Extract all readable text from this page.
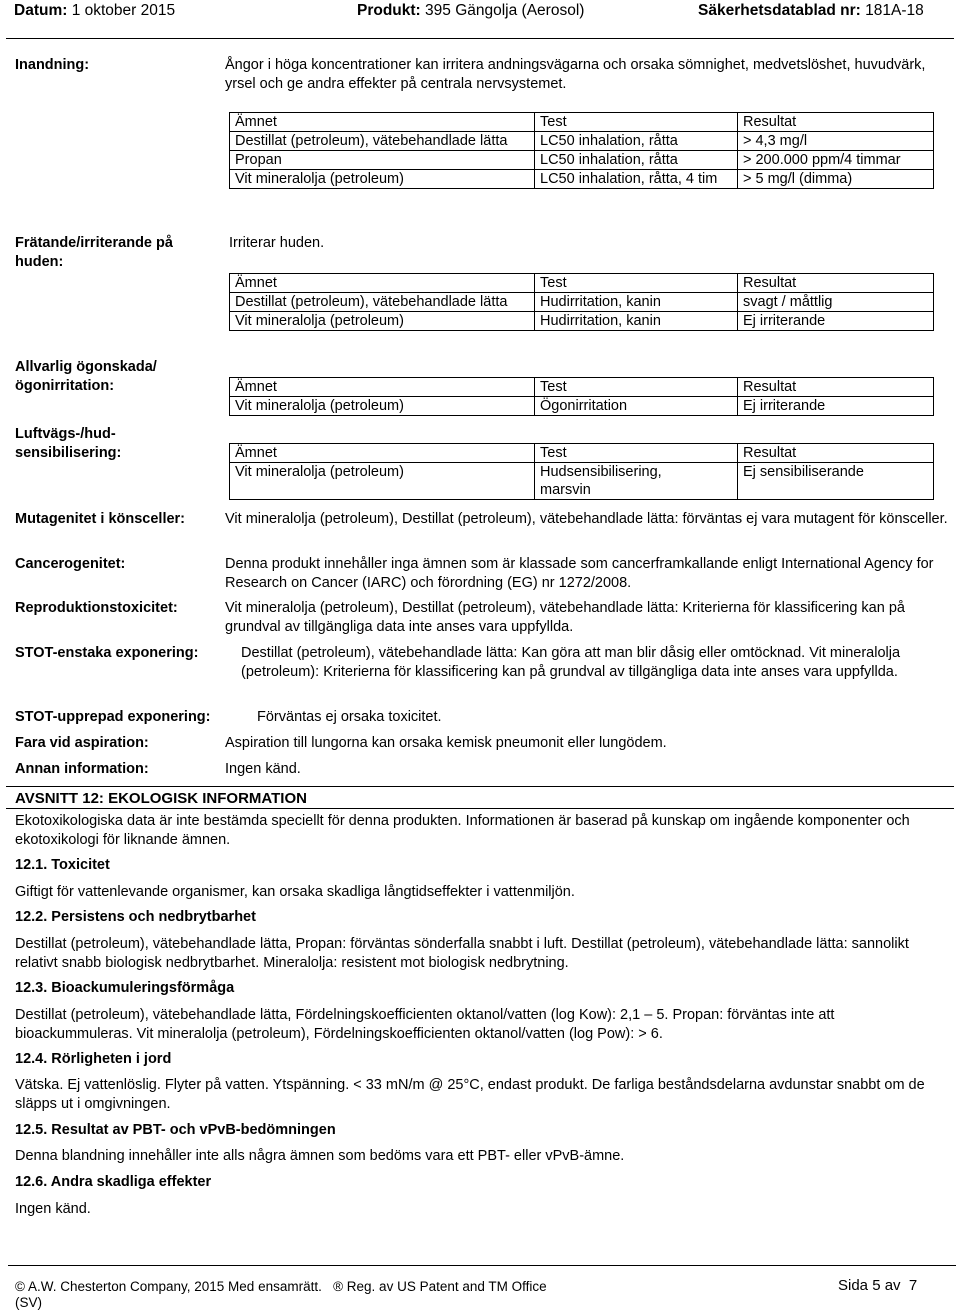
Datum: 1 oktober 2015	Produkt: 395 Gängolja (Aerosol)	Säkerhetsdatablad nr: 181A-18
Inandning:	Ångor i höga koncentrationer kan irritera andningsvägarna och orsaka sömnighet, medvetslöshet, huvudvärk, yrsel och ge andra effekter på centrala nervsystemet.
Ämnet	Test	Resultat
Destillat (petroleum), vätebehandlade lätta	LC50 inhalation, råtta	> 4,3 mg/l
Propan	LC50 inhalation, råtta	> 200.000 ppm/4 timmar
Vit mineralolja (petroleum)	LC50 inhalation, råtta, 4 tim	> 5 mg/l (dimma)
Frätande/irriterande på huden:
Irriterar huden.
Ämnet	Test	Resultat
Destillat (petroleum), vätebehandlade lätta	Hudirritation, kanin	svagt / måttlig
Vit mineralolja (petroleum)	Hudirritation, kanin	Ej irriterande
Allvarlig ögonskada/ ögonirritation:	Ämnet	Test	Resultat
Vit mineralolja (petroleum)	Ögonirritation	Ej irriterande
Luftvägs-/hud-sensibilisering:	Ämnet	Test	Resultat
Vit mineralolja (petroleum)	Hudsensibilisering, marsvin	Ej sensibiliserande
Mutagenitet i könsceller:	Vit mineralolja (petroleum), Destillat (petroleum), vätebehandlade lätta: förväntas ej vara mutagent för könsceller.
Cancerogenitet:	Denna produkt innehåller inga ämnen som är klassade som cancerframkallande enligt International Agency for Research on Cancer (IARC) och förordning (EG) nr 1272/2008.
Reproduktionstoxicitet:	Vit mineralolja (petroleum), Destillat (petroleum), vätebehandlade lätta: Kriterierna för klassificering kan på grundval av tillgängliga data inte anses vara uppfyllda.
STOT-enstaka exponering:	Destillat (petroleum), vätebehandlade lätta: Kan göra att man blir dåsig eller omtöcknad. Vit mineralolja (petroleum): Kriterierna för klassificering kan på grundval av tillgängliga data inte anses vara uppfyllda.
STOT-upprepad exponering:	Förväntas ej orsaka toxicitet.
Fara vid aspiration:	Aspiration till lungorna kan orsaka kemisk pneumonit eller lungödem.
Annan information:	Ingen känd.
AVSNITT 12: EKOLOGISK INFORMATION
Ekotoxikologiska data är inte bestämda speciellt för denna produkten. Informationen är baserad på kunskap om ingående komponenter och ekotoxikologi för liknande ämnen.
12.1. Toxicitet
Giftigt för vattenlevande organismer, kan orsaka skadliga långtidseffekter i vattenmiljön.
12.2. Persistens och nedbrytbarhet
Destillat (petroleum), vätebehandlade lätta, Propan: förväntas sönderfalla snabbt i luft. Destillat (petroleum), vätebehandlade lätta: sannolikt relativt snabb biologisk nedbrytbarhet. Mineralolja: resistent mot biologisk nedbrytning.
12.3. Bioackumuleringsförmåga
Destillat (petroleum), vätebehandlade lätta, Fördelningskoefficienten oktanol/vatten (log Kow): 2,1 – 5. Propan: förväntas inte att bioackummuleras. Vit mineralolja (petroleum), Fördelningskoefficienten oktanol/vatten (log Pow): > 6.
12.4. Rörligheten i jord
Vätska. Ej vattenlöslig. Flyter på vatten. Ytspänning. < 33 mN/m @ 25°C, endast produkt. De farliga beståndsdelarna avdunstar snabbt om de släpps ut i omgivningen.
12.5. Resultat av PBT- och vPvB-bedömningen
Denna blandning innehåller inte alls några ämnen som bedöms vara ett PBT- eller vPvB-ämne.
12.6. Andra skadliga effekter
Ingen känd.
© A.W. Chesterton Company, 2015 Med ensamrätt.   ® Reg. av US Patent and TM Office
(SV)
Sida 5 av  7
